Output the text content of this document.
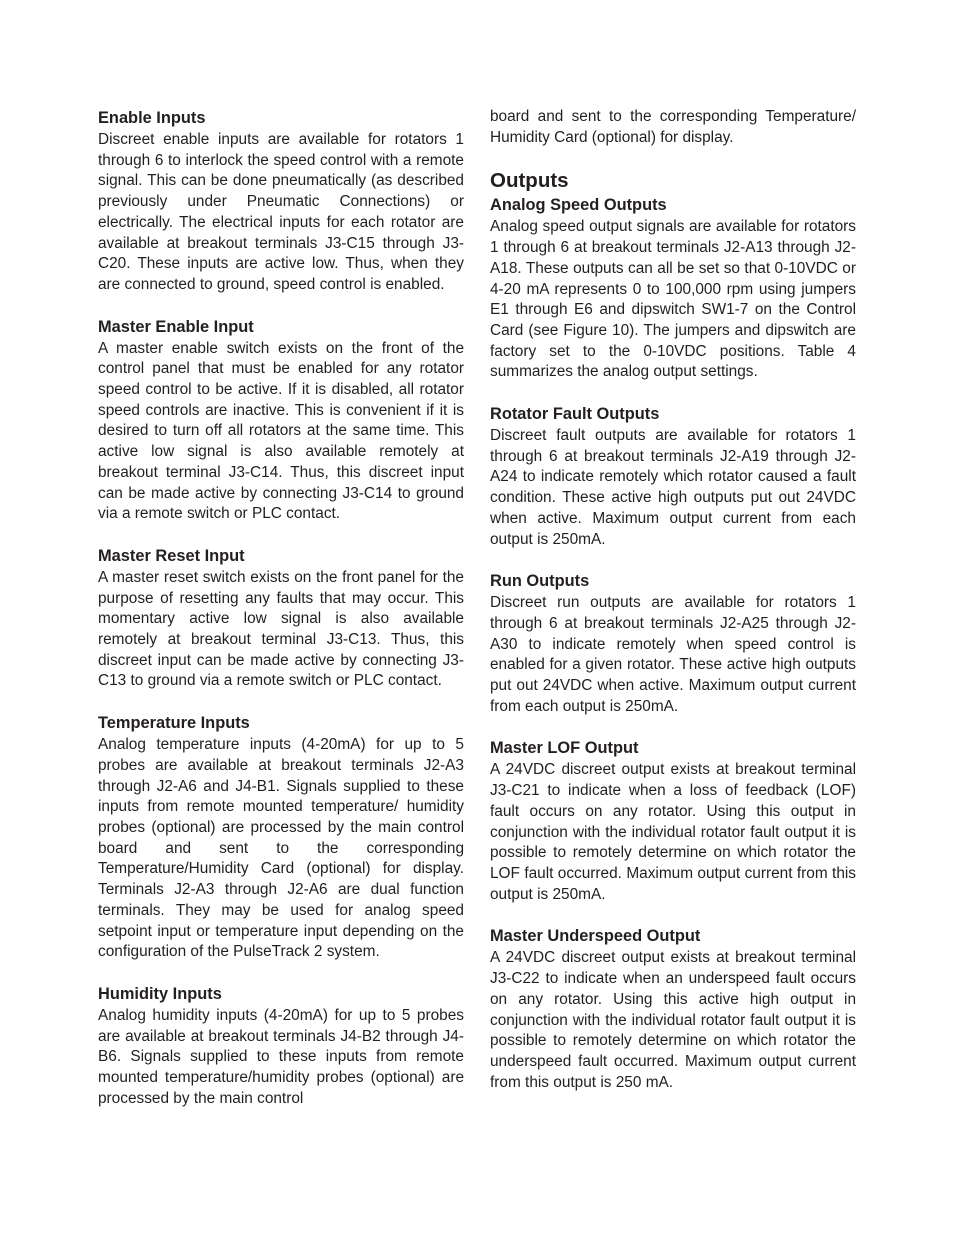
Enable Inputs

Discreet enable inputs are available for rotators 1 through 6 to interlock the speed control with a remote signal. This can be done pneumatically (as described previously under Pneumatic Connections) or electrically. The electrical inputs for each rotator are available at breakout terminals J3-C15 through J3-C20. These inputs are active low. Thus, when they are connected to ground, speed control is enabled.

Master Enable Input

A master enable switch exists on the front of the control panel that must be enabled for any rotator speed control to be active. If it is disabled, all rotator speed controls are inactive. This is convenient if it is desired to turn off all rotators at the same time. This active low signal is also available remotely at breakout terminal J3-C14. Thus, this discreet input can be made active by connecting J3-C14 to ground via a remote switch or PLC contact.

Master Reset Input

A master reset switch exists on the front panel for the purpose of resetting any faults that may occur. This momentary active low signal is also available remotely at breakout terminal J3-C13. Thus, this discreet input can be made active by connecting J3-C13 to ground via a remote switch or PLC contact.

Temperature Inputs

Analog temperature inputs (4-20mA) for up to 5 probes are available at breakout terminals J2-A3 through J2-A6 and J4-B1. Signals supplied to these inputs from remote mounted temperature/ humidity probes (optional) are processed by the main control board and sent to the corresponding Temperature/Humidity Card (optional) for display. Terminals J2-A3 through J2-A6 are dual function terminals. They may be used for analog speed setpoint input or temperature input depending on the configuration of the PulseTrack 2 system.

Humidity Inputs

Analog humidity inputs (4-20mA) for up to 5 probes are available at breakout terminals J4-B2 through J4-B6. Signals supplied to these inputs from remote mounted temperature/humidity probes (optional) are processed by the main control

board and sent to the corresponding Temperature/ Humidity Card (optional) for display.

Outputs
Analog Speed Outputs

Analog speed output signals are available for rotators 1 through 6 at breakout terminals J2-A13 through J2-A18. These outputs can all be set so that 0-10VDC or 4-20 mA represents 0 to 100,000 rpm using jumpers E1 through E6 and dipswitch SW1-7 on the Control Card (see Figure 10). The jumpers and dipswitch are factory set to the 0-10VDC positions. Table 4 summarizes the analog output settings.

Rotator Fault Outputs

Discreet fault outputs are available for rotators 1 through 6 at breakout terminals J2-A19 through J2-A24 to indicate remotely which rotator caused a fault condition. These active high outputs put out 24VDC when active. Maximum output current from each output is 250mA.

Run Outputs

Discreet run outputs are available for rotators 1 through 6 at breakout terminals J2-A25 through J2-A30 to indicate remotely when speed control is enabled for a given rotator. These active high outputs put out 24VDC when active. Maximum output current from each output is 250mA.

Master LOF Output

A 24VDC discreet output exists at breakout terminal J3-C21 to indicate when a loss of feedback (LOF) fault occurs on any rotator. Using this output in conjunction with the individual rotator fault output it is possible to remotely determine on which rotator the LOF fault occurred. Maximum output current from this output is 250mA.

Master Underspeed Output

A 24VDC discreet output exists at breakout terminal J3-C22 to indicate when an underspeed fault occurs on any rotator. Using this active high output in conjunction with the individual rotator fault output it is possible to remotely determine on which rotator the underspeed fault occurred. Maximum output current from this output is 250 mA.
